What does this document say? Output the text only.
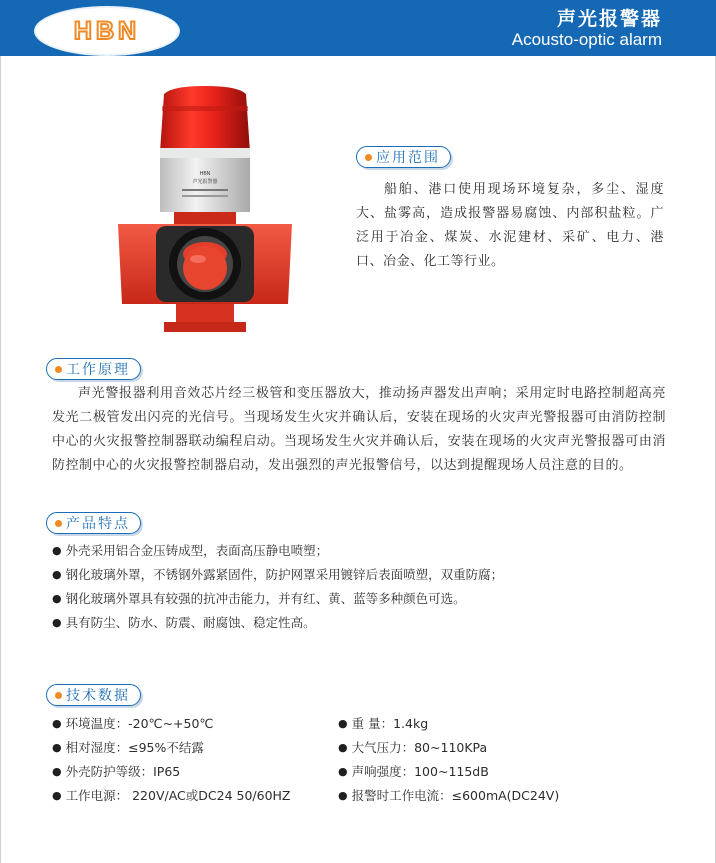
HBN	声光报警器
Acousto-optic alarm
HBN
声光报警器
应用范围

船舶、港口使用现场环境复杂，多尘、湿度大、盐雾高，造成报警器易腐蚀、内部积盐粒。广泛用于冶金、煤炭、水泥建材、采矿、电力、港口、冶金、化工等行业。

工作原理

声光警报器利用音效芯片经三极管和变压器放大，推动扬声器发出声响；采用定时电路控制超高亮发光二极管发出闪亮的光信号。当现场发生火灾并确认后，安装在现场的火灾声光警报器可由消防控制中心的火灾报警控制器联动编程启动。当现场发生火灾并确认后，安装在现场的火灾声光警报器可由消防控制中心的火灾报警控制器启动，发出强烈的声光报警信号，以达到提醒现场人员注意的目的。

产品特点
● 外壳采用铝合金压铸成型，表面高压静电喷塑；
● 钢化玻璃外罩，不锈钢外露紧固件，防护网罩采用镀锌后表面喷塑，双重防腐；
● 钢化玻璃外罩具有较强的抗冲击能力，并有红、黄、蓝等多种颜色可选。
● 具有防尘、防水、防震、耐腐蚀、稳定性高。
技术数据
● 环境温度：-20℃~+50℃
● 相对湿度：≤95%不结露
● 外壳防护等级：IP65
● 工作电源： 220V/AC或DC24 50/60HZ
● 重 量：1.4kg
● 大气压力：80~110KPa
● 声响强度：100~115dB
● 报警时工作电流：≤600mA(DC24V)
